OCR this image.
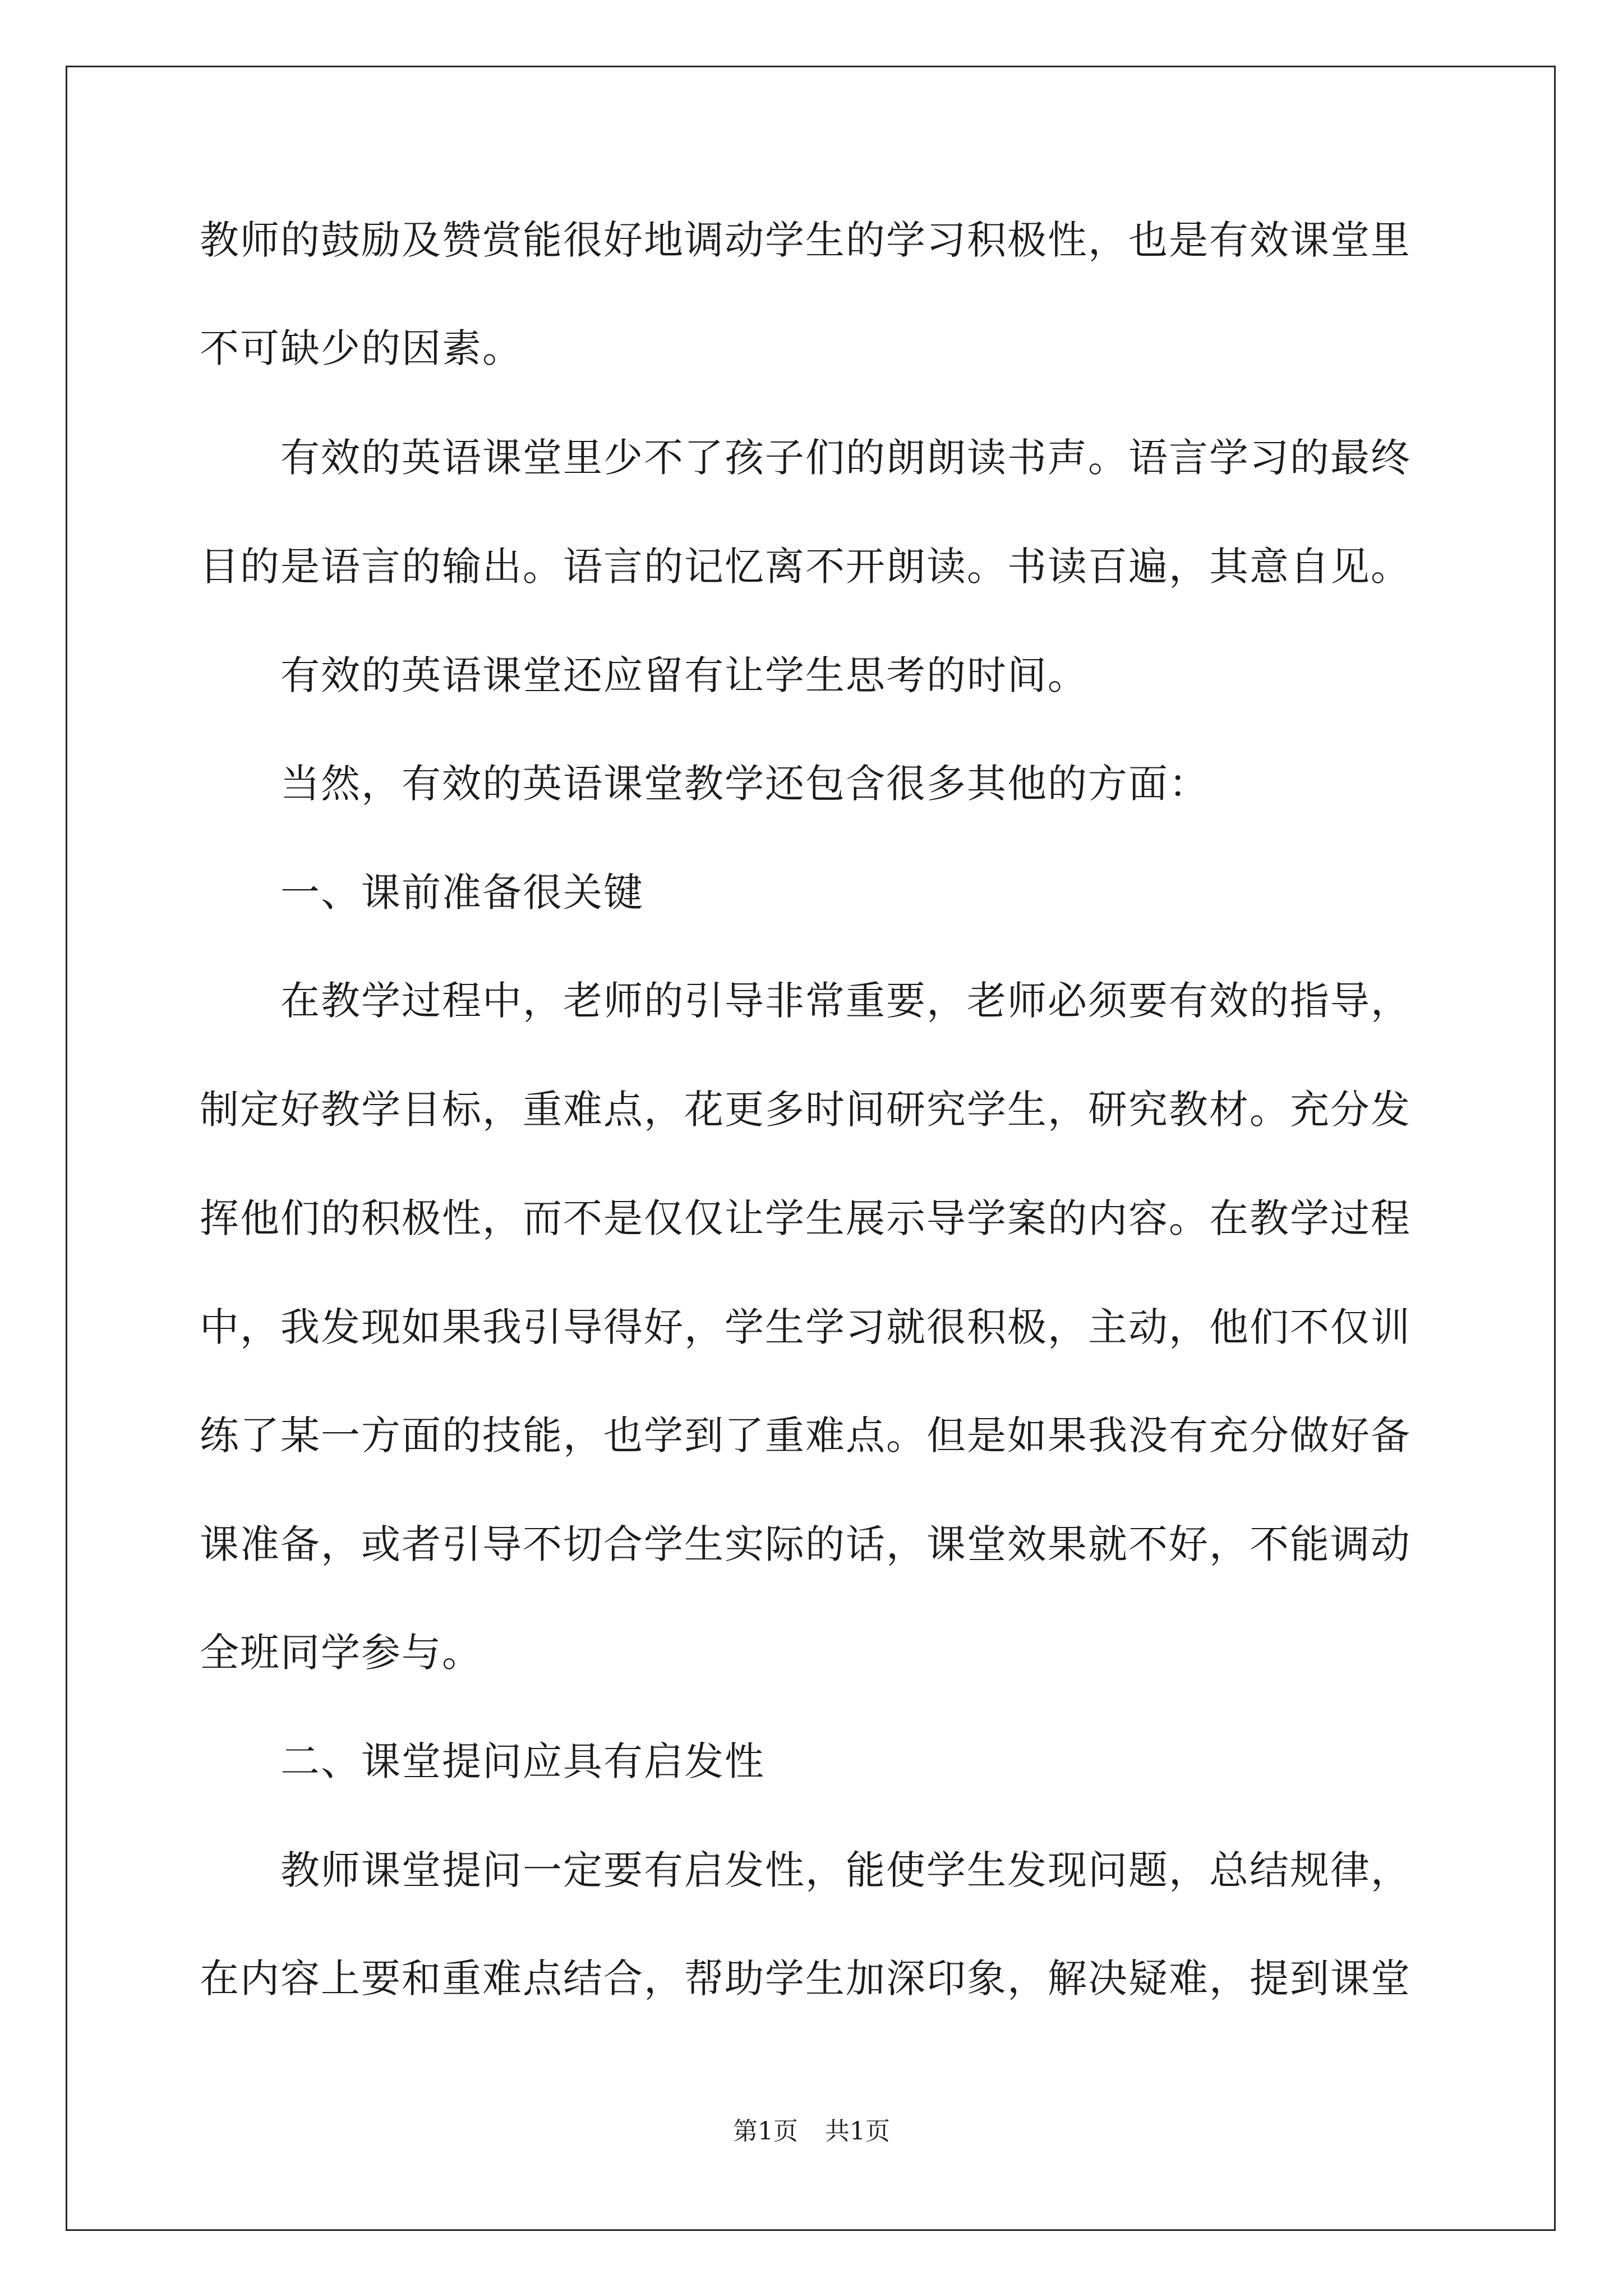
教师的鼓励及赞赏能很好地调动学生的学习积极性，也是有效课堂里
不可缺少的因素。
　　有效的英语课堂里少不了孩子们的朗朗读书声。语言学习的最终
目的是语言的输出。语言的记忆离不开朗读。书读百遍，其意自见。
　　有效的英语课堂还应留有让学生思考的时间。
　　当然，有效的英语课堂教学还包含很多其他的方面：
　　一、课前准备很关键
　　在教学过程中，老师的引导非常重要，老师必须要有效的指导，
制定好教学目标，重难点，花更多时间研究学生，研究教材。充分发
挥他们的积极性，而不是仅仅让学生展示导学案的内容。在教学过程
中，我发现如果我引导得好，学生学习就很积极，主动，他们不仅训
练了某一方面的技能，也学到了重难点。但是如果我没有充分做好备
课准备，或者引导不切合学生实际的话，课堂效果就不好，不能调动
全班同学参与。
　　二、课堂提问应具有启发性
　　教师课堂提问一定要有启发性，能使学生发现问题，总结规律，
在内容上要和重难点结合，帮助学生加深印象，解决疑难，提到课堂
第1页 共1页
